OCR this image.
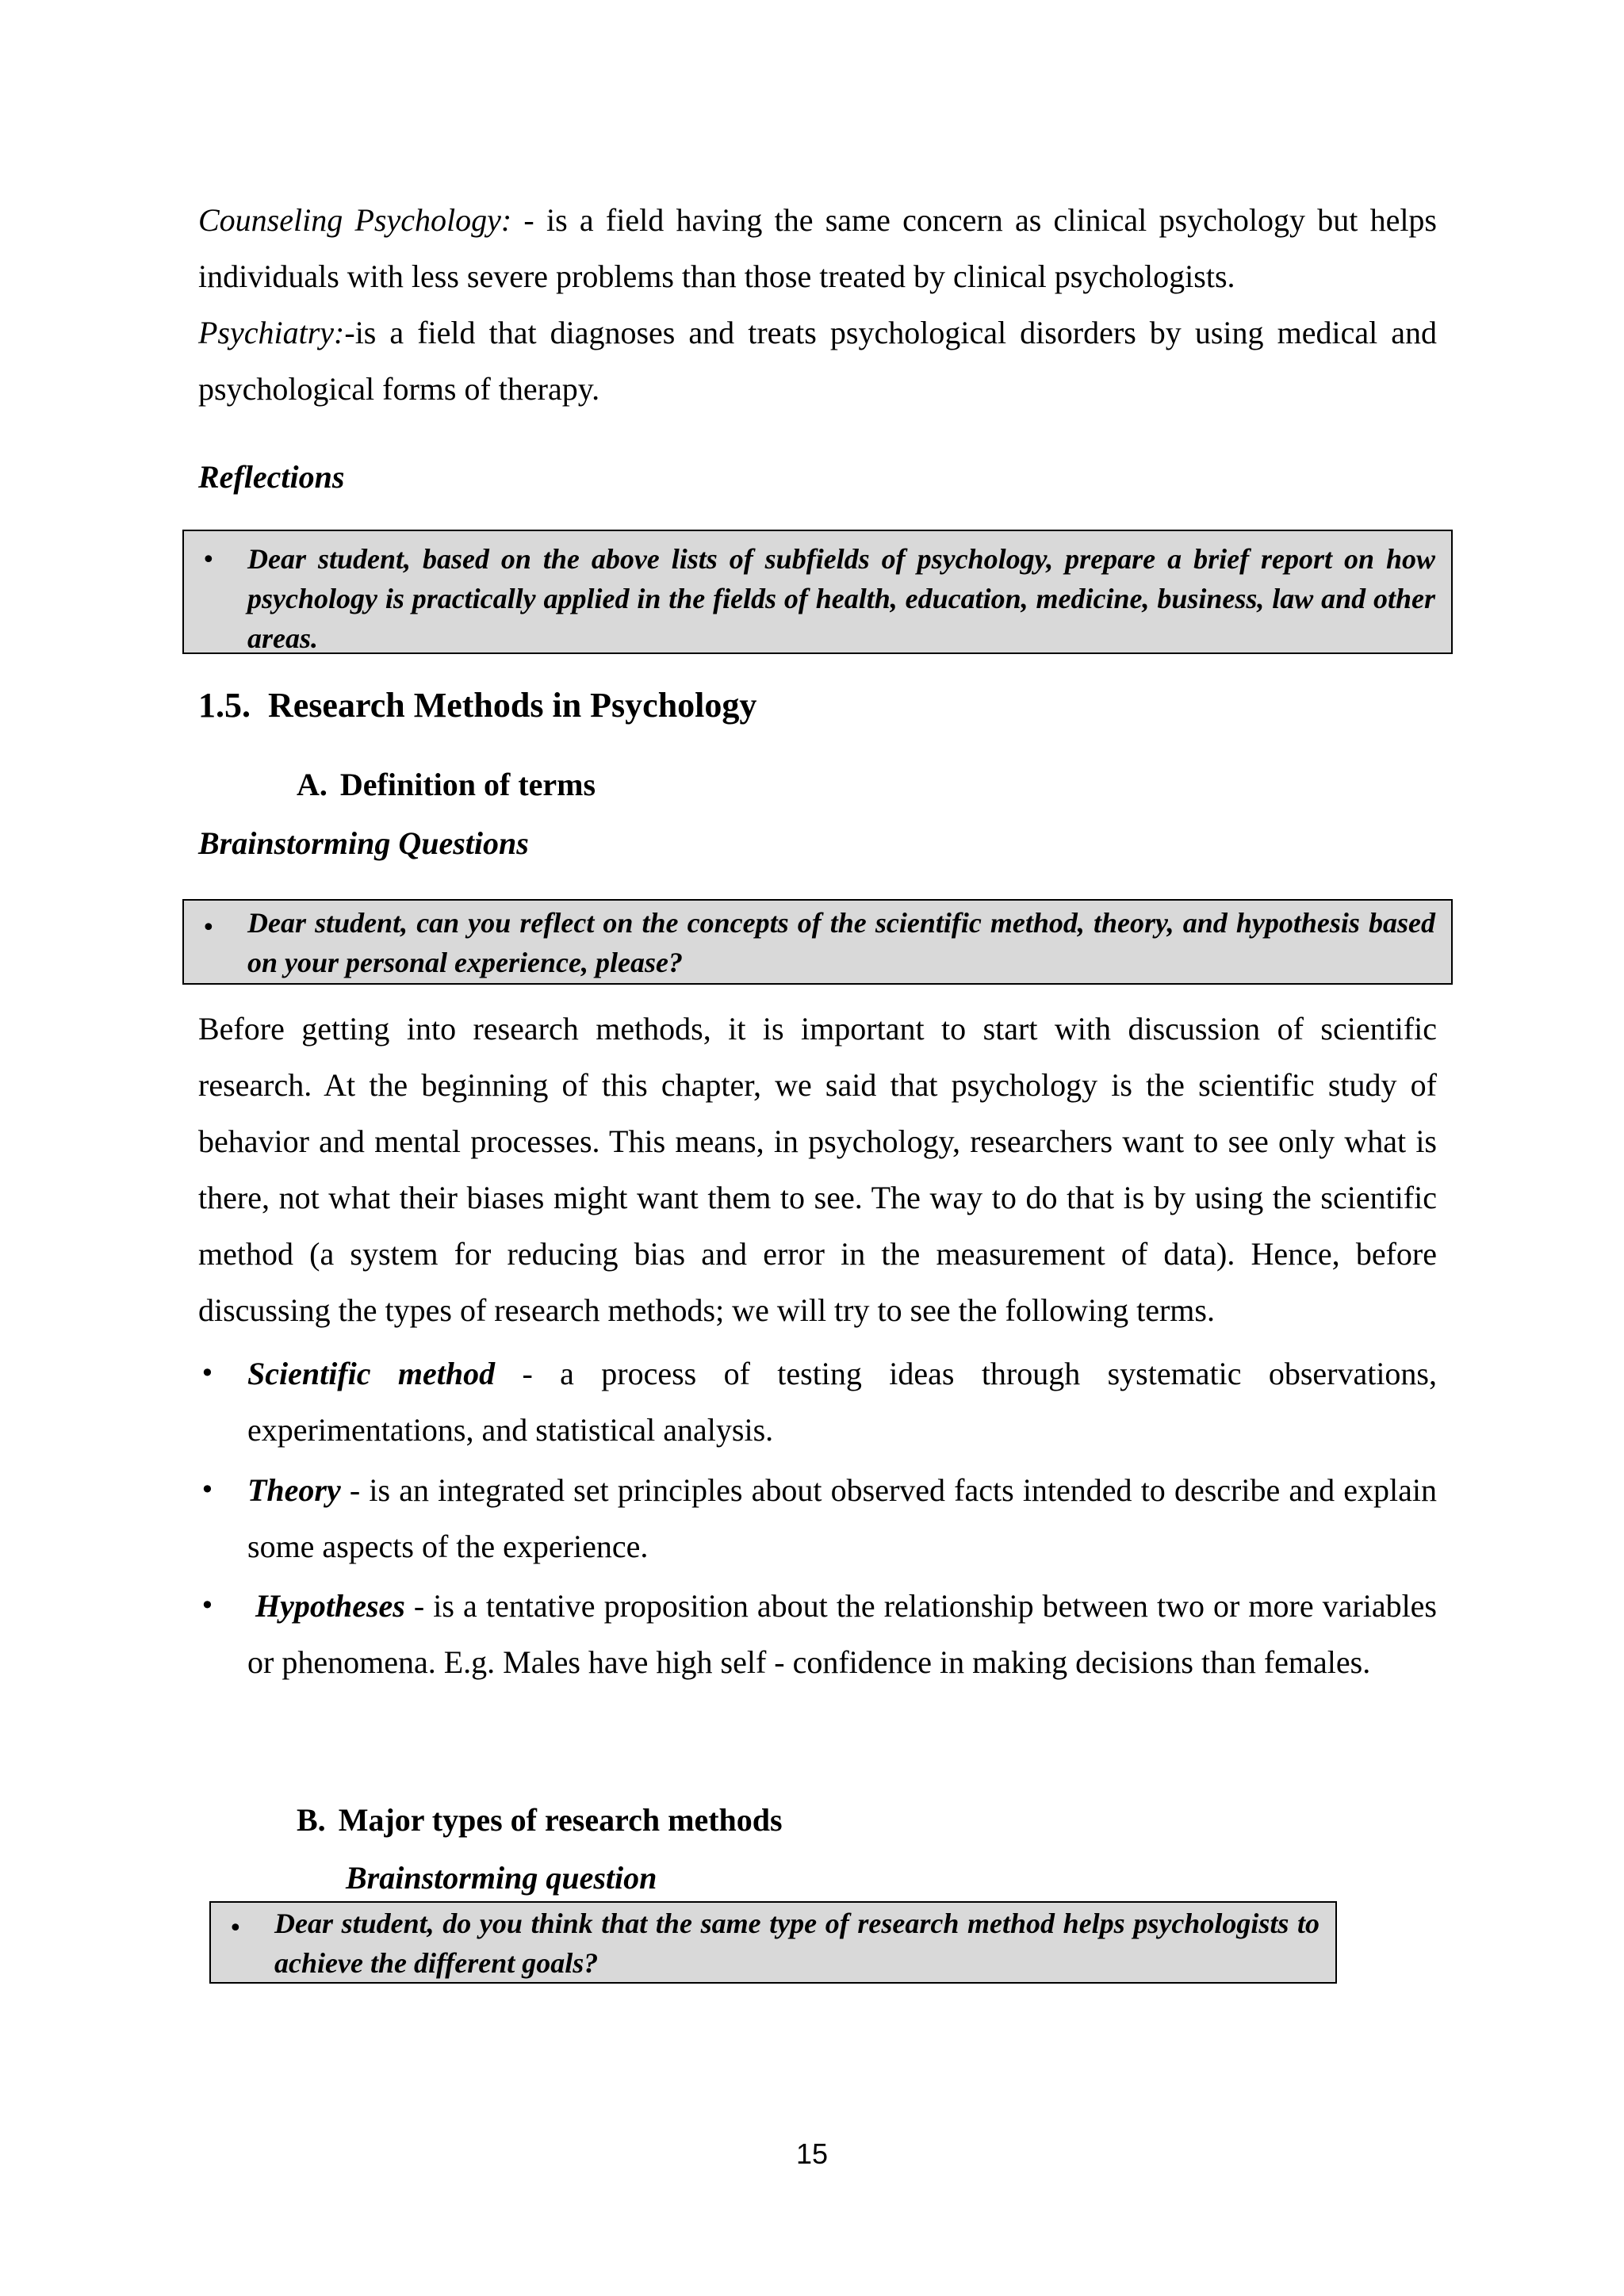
Counseling Psychology: - is a field having the same concern as clinical psychology but helps individuals with less severe problems than those treated by clinical psychologists.
Psychiatry:-is a field that diagnoses and treats psychological disorders by using medical and psychological forms of therapy.
Reflections
• Dear student, based on the above lists of subfields of psychology, prepare a brief report on how psychology is practically applied in the fields of health, education, medicine, business, law and other areas.
1.5. Research Methods in Psychology
A. Definition of terms
Brainstorming Questions
• Dear student, can you reflect on the concepts of the scientific method, theory, and hypothesis based on your personal experience, please?
Before getting into research methods, it is important to start with discussion of scientific research. At the beginning of this chapter, we said that psychology is the scientific study of behavior and mental processes. This means, in psychology, researchers want to see only what is there, not what their biases might want them to see. The way to do that is by using the scientific method (a system for reducing bias and error in the measurement of data). Hence, before discussing the types of research methods; we will try to see the following terms.
• Scientific method - a process of testing ideas through systematic observations, experimentations, and statistical analysis.
• Theory - is an integrated set principles about observed facts intended to describe and explain some aspects of the experience.
• Hypotheses - is a tentative proposition about the relationship between two or more variables or phenomena. E.g. Males have high self - confidence in making decisions than females.
B. Major types of research methods
Brainstorming question
• Dear student, do you think that the same type of research method helps psychologists to achieve the different goals?
15
